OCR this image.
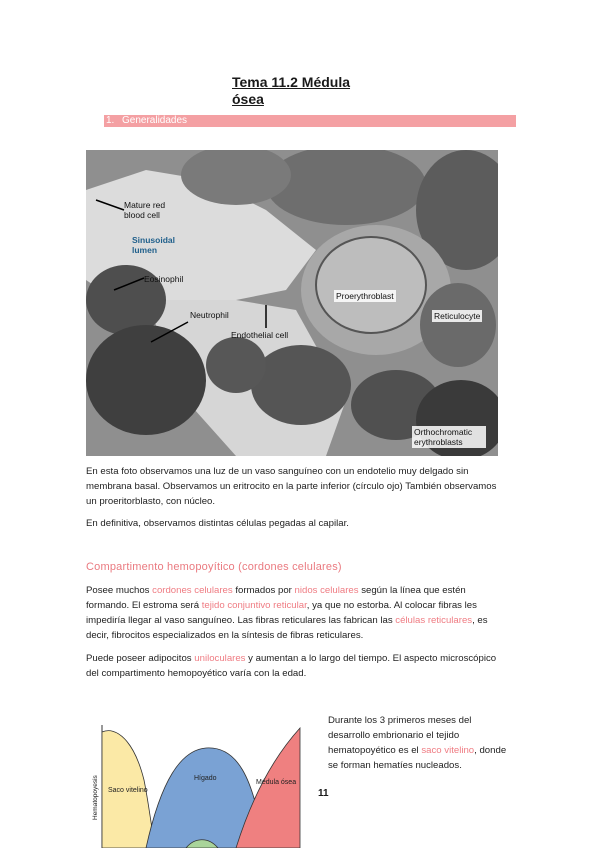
Tema 11.2 Médula ósea
1. Generalidades
Mature red blood cell
Sinusoidal lumen
Eosinophil
Neutrophil
Endothelial cell
Proerythroblast
Reticulocyte
Orthochromatic erythroblasts
En esta foto observamos una luz de un vaso sanguíneo con un endotelio muy delgado sin membrana basal. Observamos un eritrocito en la parte inferior (círculo ojo) También observamos un proeritorblasto, con núcleo.
En definitiva, observamos distintas células pegadas al capilar.
Compartimento hemopoyítico (cordones celulares)
Posee muchos cordones celulares formados por nidos celulares según la línea que estén formando. El estroma será tejido conjuntivo reticular, ya que no estorba. Al colocar fibras les impediría llegar al vaso sanguíneo. Las fibras reticulares las fabrican las células reticulares, es decir, fibrocitos especializados en la síntesis de fibras reticulares.
Puede poseer adipocitos uniloculares y aumentan a lo largo del tiempo. El aspecto microscópico del compartimento hemopoyético varía con la edad.
Hematopoyesis Saco vitelino
Hígado
Médula ósea
Durante los 3 primeros meses del desarrollo embrionario el tejido hematopoyético es el saco vitelino, donde se forman hematíes nucleados.
11
